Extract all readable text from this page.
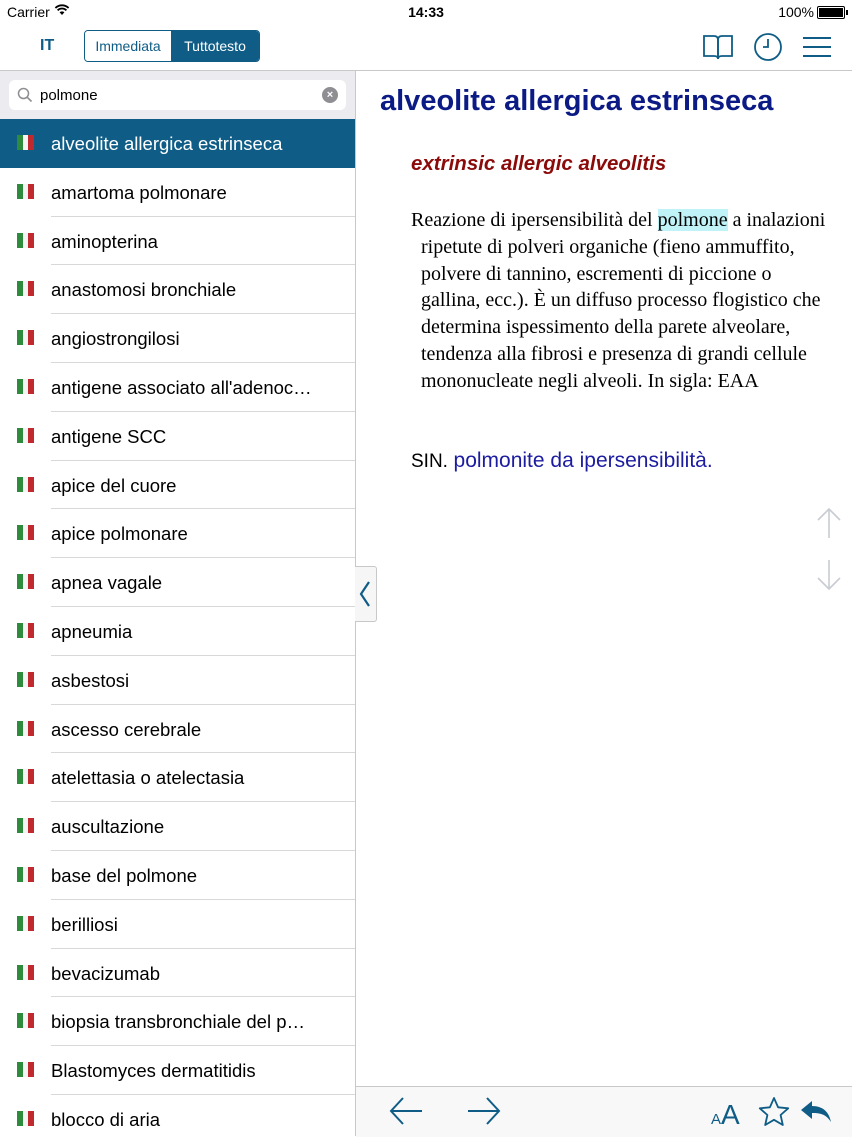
Carrier	14:33	100%
IT	Immediata	Tuttotesto
polmone	×
alveolite allergica estrinseca
amartoma polmonare
aminopterina
anastomosi bronchiale
angiostrongilosi
antigene associato all'adenoc…
antigene SCC
apice del cuore
apice polmonare
apnea vagale
apneumia
asbestosi
ascesso cerebrale
atelettasia o atelectasia
auscultazione
base del polmone
berilliosi
bevacizumab
biopsia transbronchiale del p…
Blastomyces dermatitidis
blocco di aria
alveolite allergica estrinseca
extrinsic allergic alveolitis
Reazione di ipersensibilità del polmone a inalazioni ripetute di polveri organiche (fieno ammuffito, polvere di tannino, escrementi di piccione o gallina, ecc.). È un diffuso processo flogistico che determina ispessimento della parete alveolare, tendenza alla fibrosi e presenza di grandi cellule mononucleate negli alveoli. In sigla: EAA
SIN. polmonite da ipersensibilità.
A A
